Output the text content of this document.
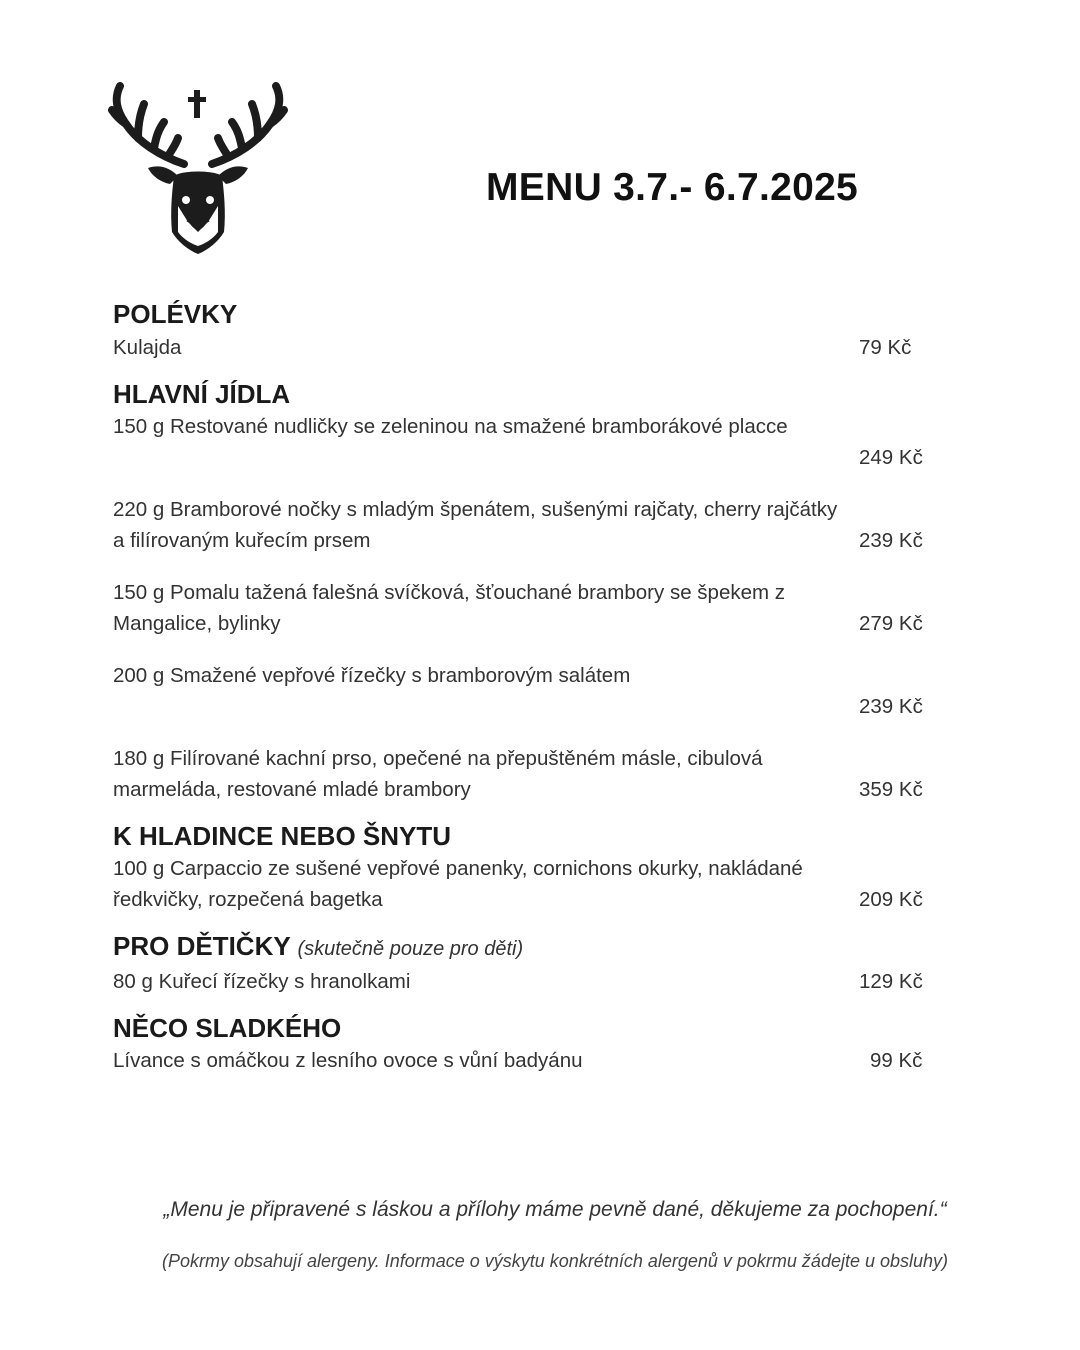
MENU 3.7.- 6.7.2025
POLÉVKY
Kulajda	79 Kč
HLAVNÍ JÍDLA
150 g Restované nudličky se zeleninou na smažené bramborákové placce
249 Kč
220 g Bramborové nočky s mladým špenátem, sušenými rajčaty, cherry rajčátky a filírovaným kuřecím prsem	239 Kč
150 g Pomalu tažená falešná svíčková, šťouchané brambory se špekem z Mangalice, bylinky	279 Kč
200 g Smažené vepřové řízečky s bramborovým salátem
239 Kč
180 g Filírované kachní prso, opečené na přepuštěném másle, cibulová marmeláda, restované mladé brambory	359 Kč
K HLADINCE NEBO ŠNYTU
100 g Carpaccio ze sušené vepřové panenky, cornichons okurky, nakládané ředkvičky, rozpečená bagetka	209 Kč
PRO DĚTIČKY (skutečně pouze pro děti)
80 g Kuřecí řízečky s hranolkami	129 Kč
NĚCO SLADKÉHO
Lívance s omáčkou z lesního ovoce s vůní badyánu	99 Kč
„Menu je připravené s láskou a přílohy máme pevně dané, děkujeme za pochopení.“
(Pokrmy obsahují alergeny. Informace o výskytu konkrétních alergenů v pokrmu žádejte u obsluhy)
